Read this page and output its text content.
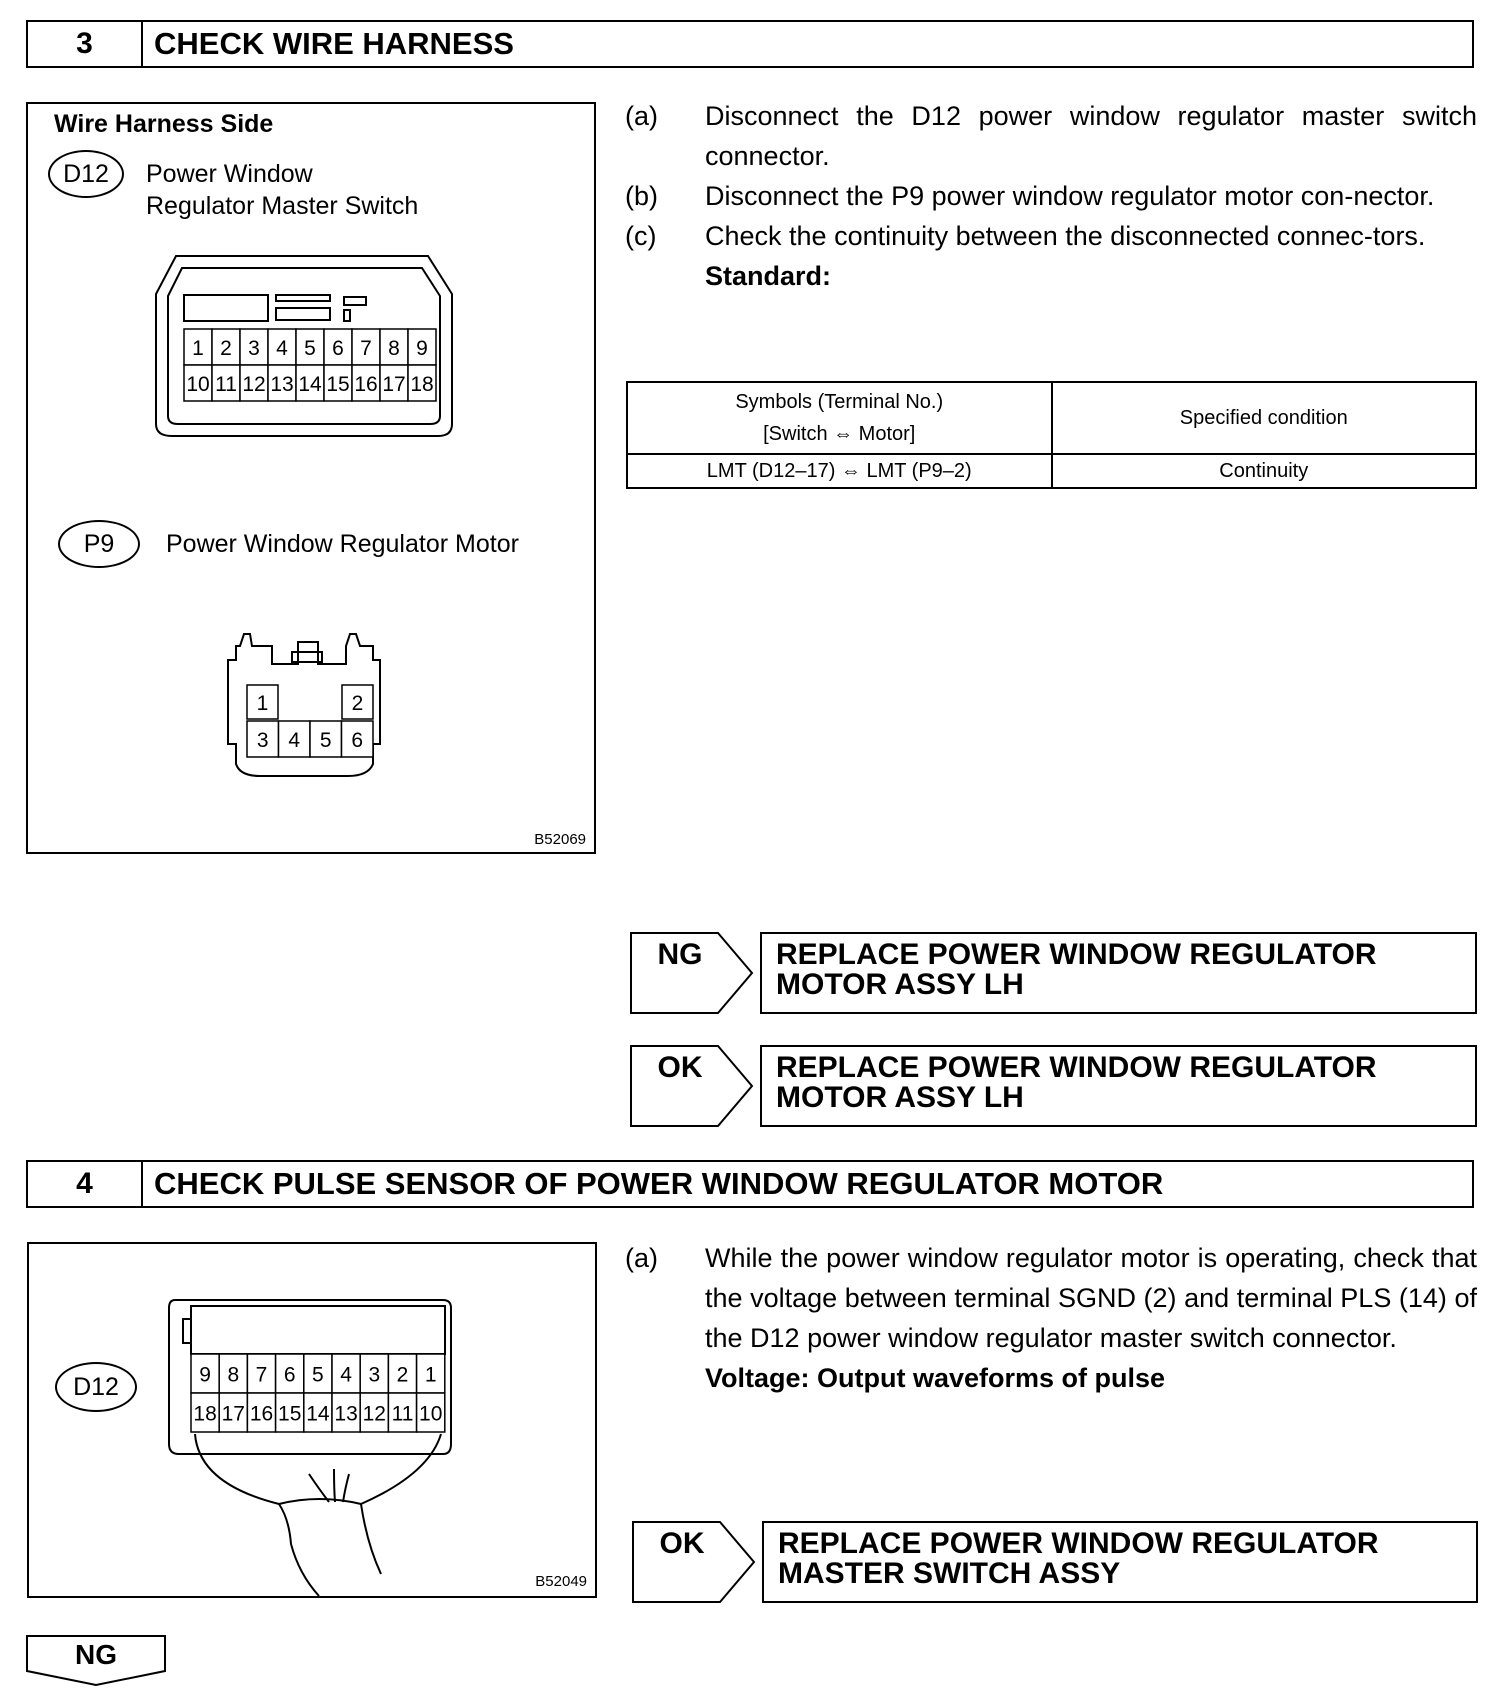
3	CHECK WIRE HARNESS
Wire Harness Side
D12	Power Window
Regulator Master Switch
1 2 3 4 5 6 7 8 9
10 11 12 13 14 15 16 17 18
1	2
3 4 5 6
P9	Power Window Regulator Motor
B52069
(a) Disconnect the D12 power window regulator master switch connector.
(b) Disconnect the P9 power window regulator motor con-nector.
(c) Check the continuity between the disconnected connec-tors.
Standard:
Symbols (Terminal No.)
[Switch ⇔ Motor]	Specified condition
LMT (D12–17) ⇔ LMT (P9–2)	Continuity
NG	REPLACE POWER WINDOW REGULATOR
MOTOR ASSY LH
OK	REPLACE POWER WINDOW REGULATOR
MOTOR ASSY LH
4	CHECK PULSE SENSOR OF POWER WINDOW REGULATOR MOTOR
9 8 7 6 5 4 3 2 1
18 17 16 15 14 13 12 11 10
D12
B52049
(a) While the power window regulator motor is operating, check that the voltage between terminal SGND (2) and terminal PLS (14) of the D12 power window regulator master switch connector.
Voltage: Output waveforms of pulse
OK	REPLACE POWER WINDOW REGULATOR
MASTER SWITCH ASSY
NG
